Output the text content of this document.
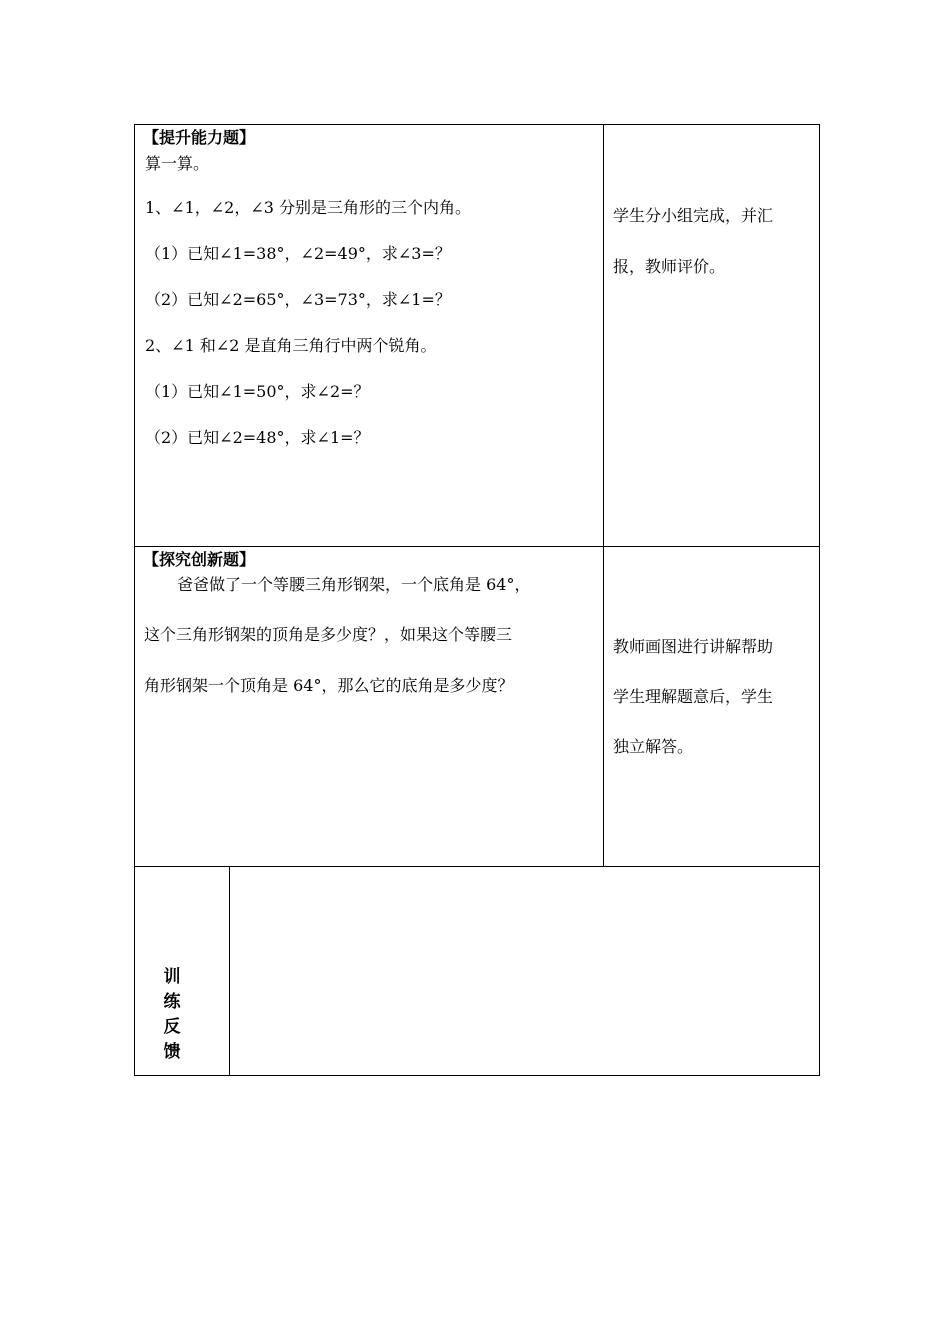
【提升能力题】
算一算。
1、∠1，∠2，∠3 分别是三角形的三个内角。
（1）已知∠1=38°，∠2=49°，求∠3=？
（2）已知∠2=65°，∠3=73°，求∠1=？
2、∠1 和∠2 是直角三角行中两个锐角。
（1）已知∠1=50°，求∠2=？
（2）已知∠2=48°，求∠1=？
学生分小组完成，并汇
报，教师评价。
【探究创新题】
爸爸做了一个等腰三角形钢架，一个底角是 64°，
这个三角形钢架的顶角是多少度？，如果这个等腰三
角形钢架一个顶角是 64°，那么它的底角是多少度？
教师画图进行讲解帮助
学生理解题意后，学生
独立解答。
训
练
反
馈
